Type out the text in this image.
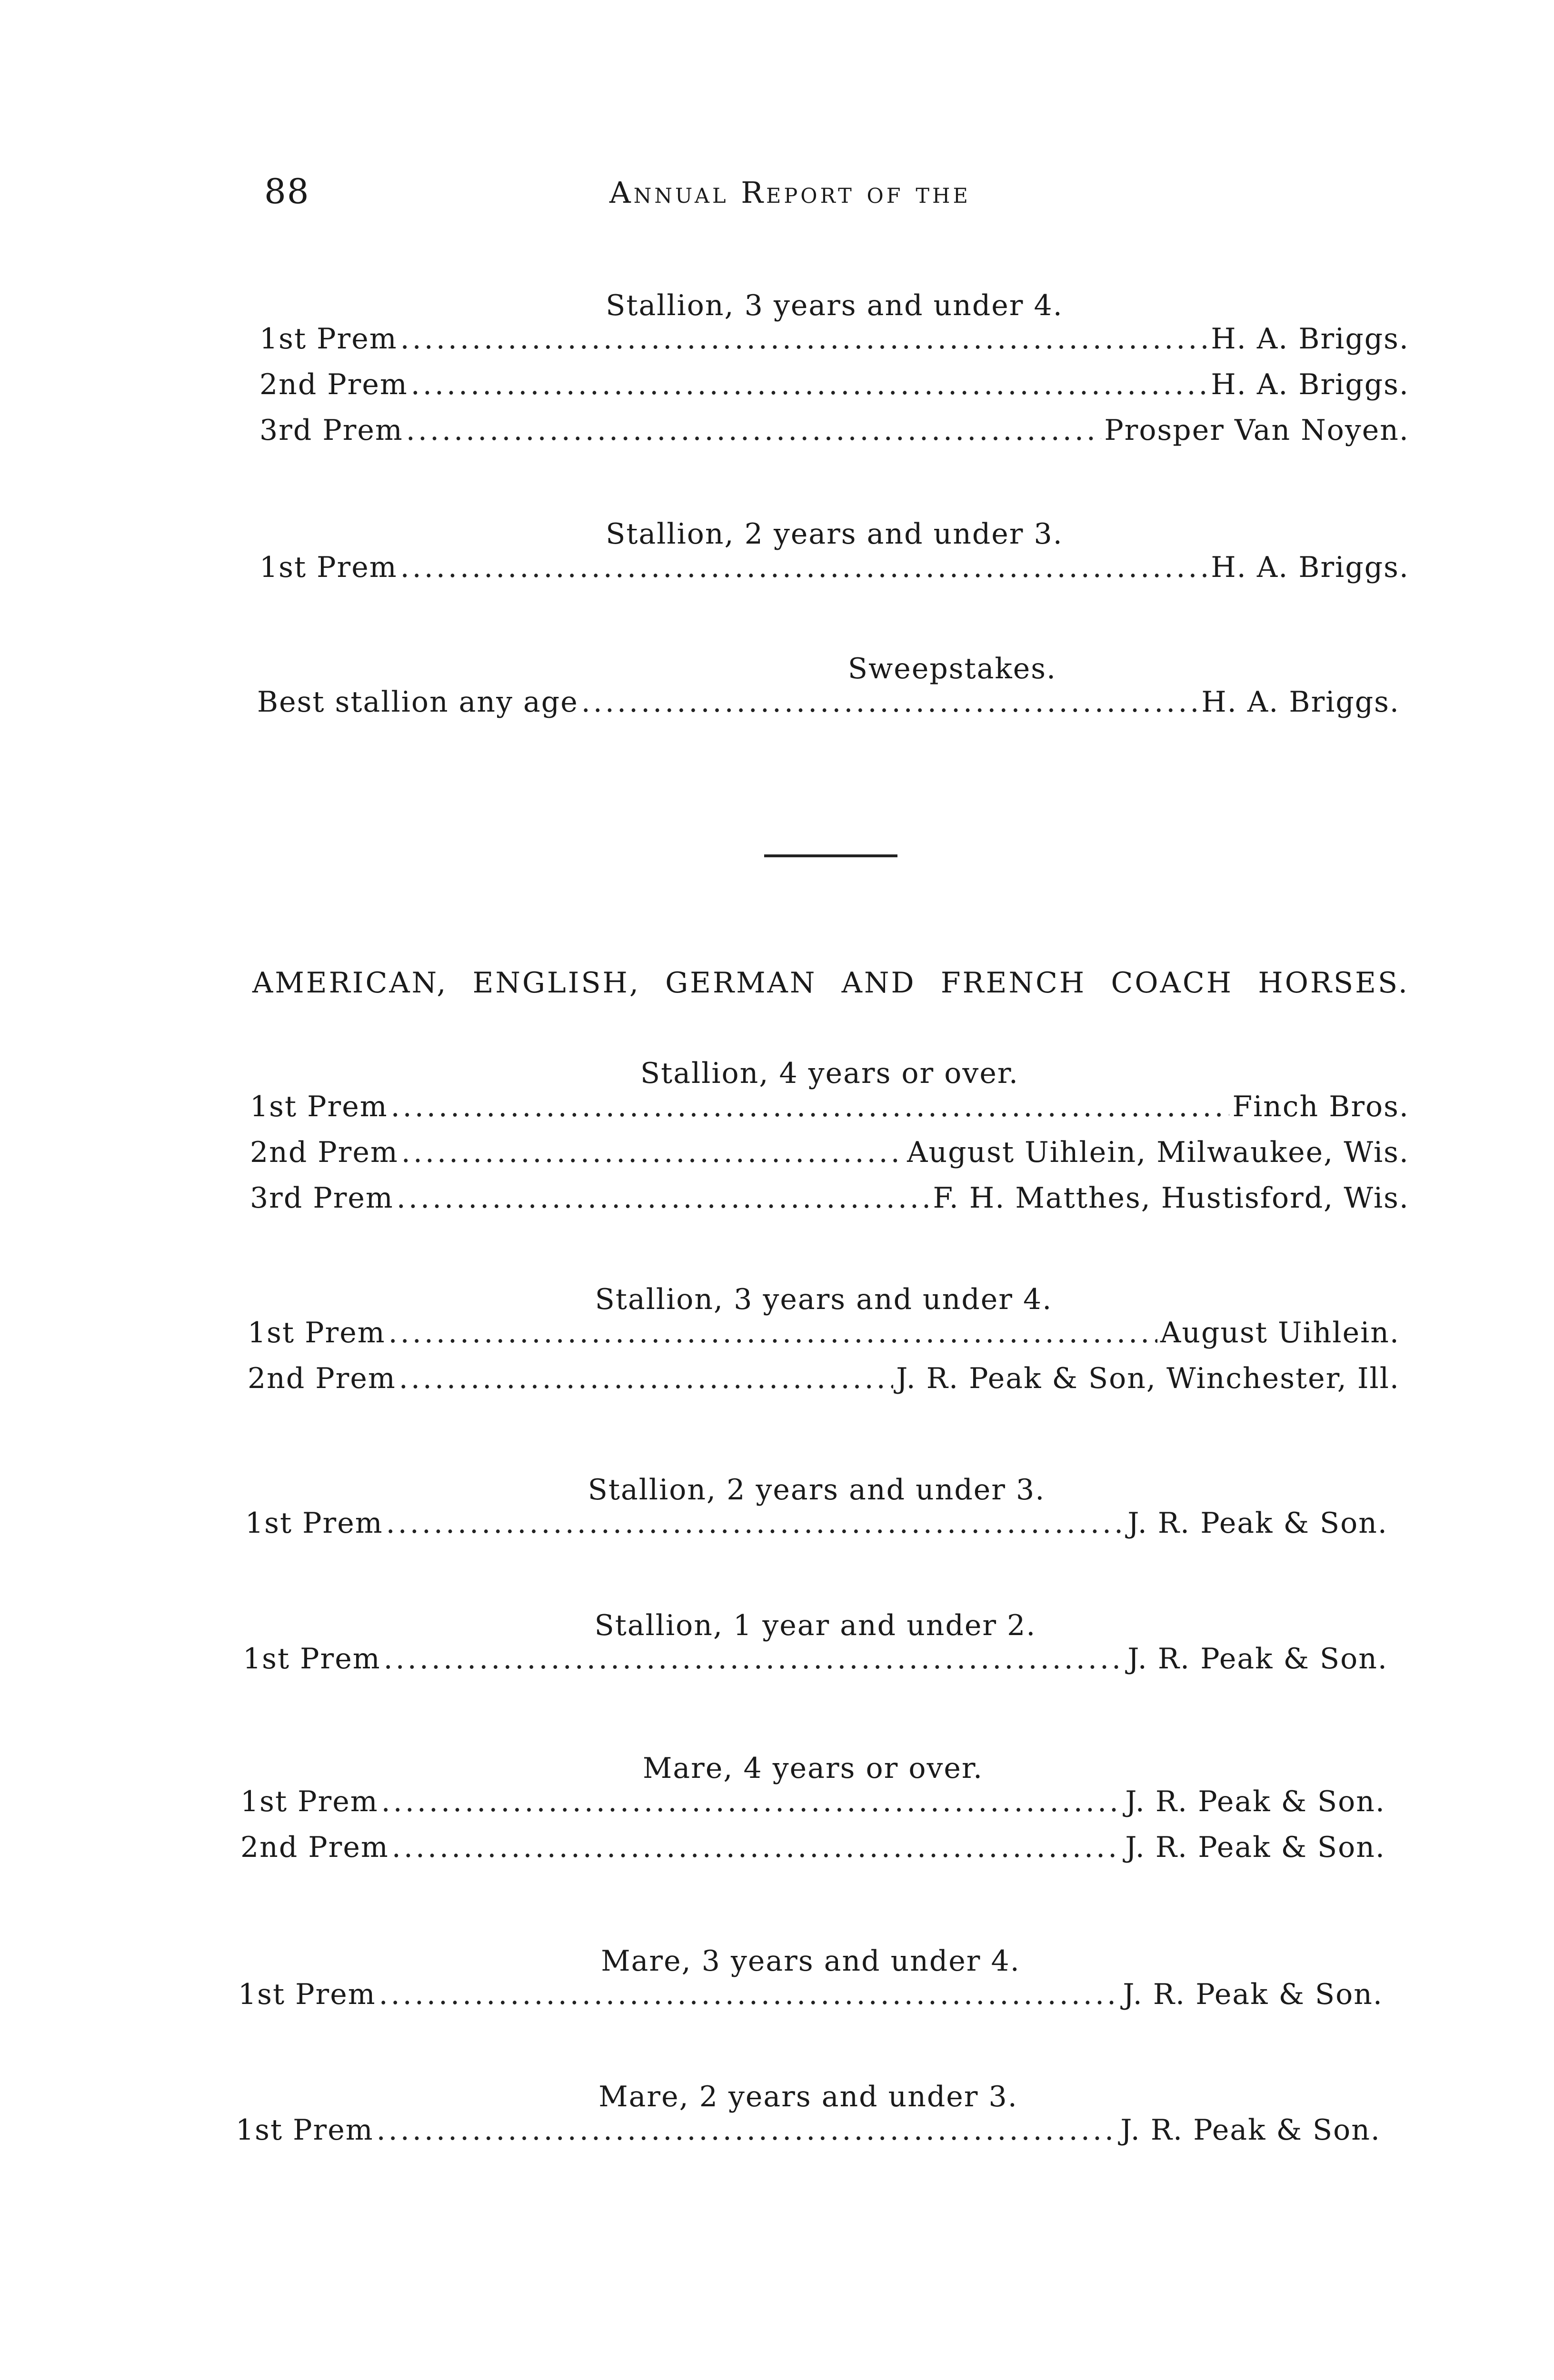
88	Annual Report of the
Stallion, 3 years and under 4.
1st Prem .....	H. A. Briggs.
2nd Prem .....	H. A. Briggs.
3rd Prem .....	Prosper Van Noyen.
Stallion, 2 years and under 3.
1st Prem .....	H. A. Briggs.
Sweepstakes.
Best stallion any age .....	H. A. Briggs.
AMERICAN, ENGLISH, GERMAN AND FRENCH COACH HORSES.
Stallion, 4 years or over.
1st Prem .....	Finch Bros.
2nd Prem .....	August Uihlein, Milwaukee, Wis.
3rd Prem .....	F. H. Matthes, Hustisford, Wis.
Stallion, 3 years and under 4.
1st Prem .....	August Uihlein.
2nd Prem .....	J. R. Peak & Son, Winchester, Ill.
Stallion, 2 years and under 3.
1st Prem .....	J. R. Peak & Son.
Stallion, 1 year and under 2.
1st Prem .....	J. R. Peak & Son.
Mare, 4 years or over.
1st Prem .....	J. R. Peak & Son.
2nd Prem .....	J. R. Peak & Son.
Mare, 3 years and under 4.
1st Prem .....	J. R. Peak & Son.
Mare, 2 years and under 3.
1st Prem .....	J. R. Peak & Son.
